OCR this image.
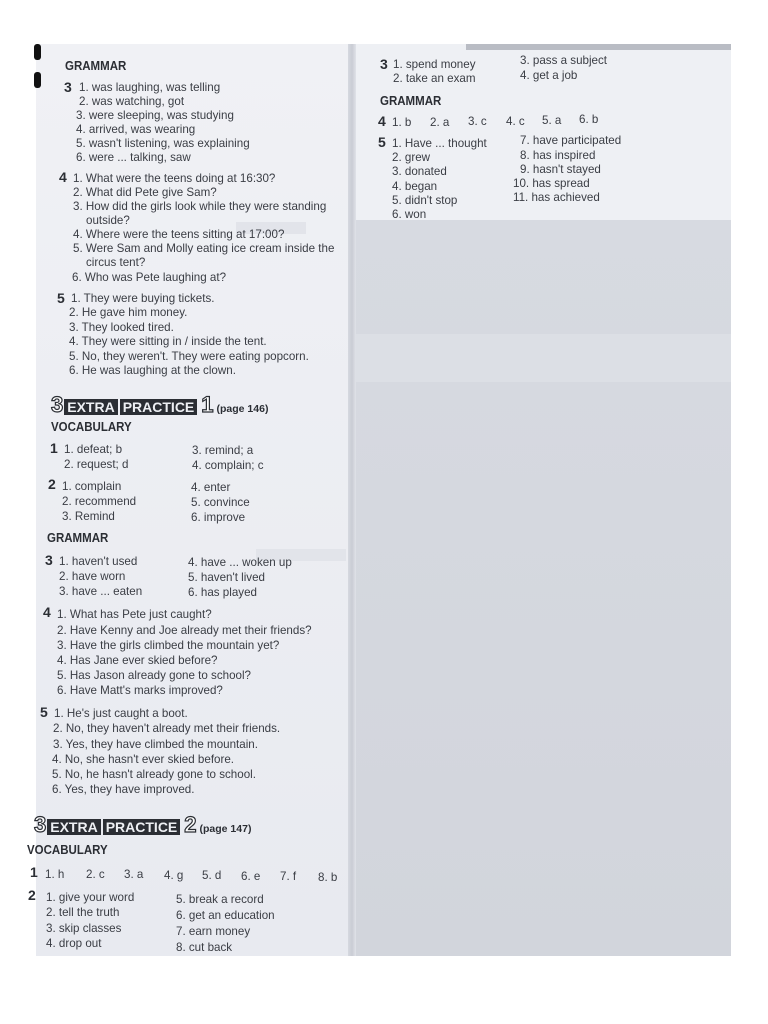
GRAMMAR
3 1. was laughing, was telling
2. was watching, got
3. were sleeping, was studying
4. arrived, was wearing
5. wasn't listening, was explaining
6. were ... talking, saw
4 1. What were the teens doing at 16:30?
2. What did Pete give Sam?
3. How did the girls look while they were standing
outside?
4. Where were the teens sitting at 17:00?
5. Were Sam and Molly eating ice cream inside the
circus tent?
6. Who was Pete laughing at?
5 1. They were buying tickets.
2. He gave him money.
3. They looked tired.
4. They were sitting in / inside the tent.
5. No, they weren't. They were eating popcorn.
6. He was laughing at the clown.
3 EXTRA PRACTICE 1 (page 146)
VOCABULARY
1 1. defeat; b
2. request; d
3. remind; a
4. complain; c
2 1. complain
2. recommend
3. Remind
4. enter
5. convince
6. improve
GRAMMAR
3 1. haven't used
2. have worn
3. have ... eaten
4. have ... woken up
5. haven't lived
6. has played
4 1. What has Pete just caught?
2. Have Kenny and Joe already met their friends?
3. Have the girls climbed the mountain yet?
4. Has Jane ever skied before?
5. Has Jason already gone to school?
6. Have Matt's marks improved?
5 1. He's just caught a boot.
2. No, they haven't already met their friends.
3. Yes, they have climbed the mountain.
4. No, she hasn't ever skied before.
5. No, he hasn't already gone to school.
6. Yes, they have improved.
3 EXTRA PRACTICE 2 (page 147)
VOCABULARY
1 1. h 2. c 3. a 4. g 5. d 6. e 7. f 8. b
2 1. give your word
2. tell the truth
3. skip classes
4. drop out
5. break a record
6. get an education
7. earn money
8. cut back
3 1. spend money
2. take an exam
3. pass a subject
4. get a job
GRAMMAR
4 1. b 2. a 3. c 4. c 5. a 6. b
5 1. Have ... thought
2. grew
3. donated
4. began
5. didn't stop
6. won
7. have participated
8. has inspired
9. hasn't stayed
10. has spread
11. has achieved
